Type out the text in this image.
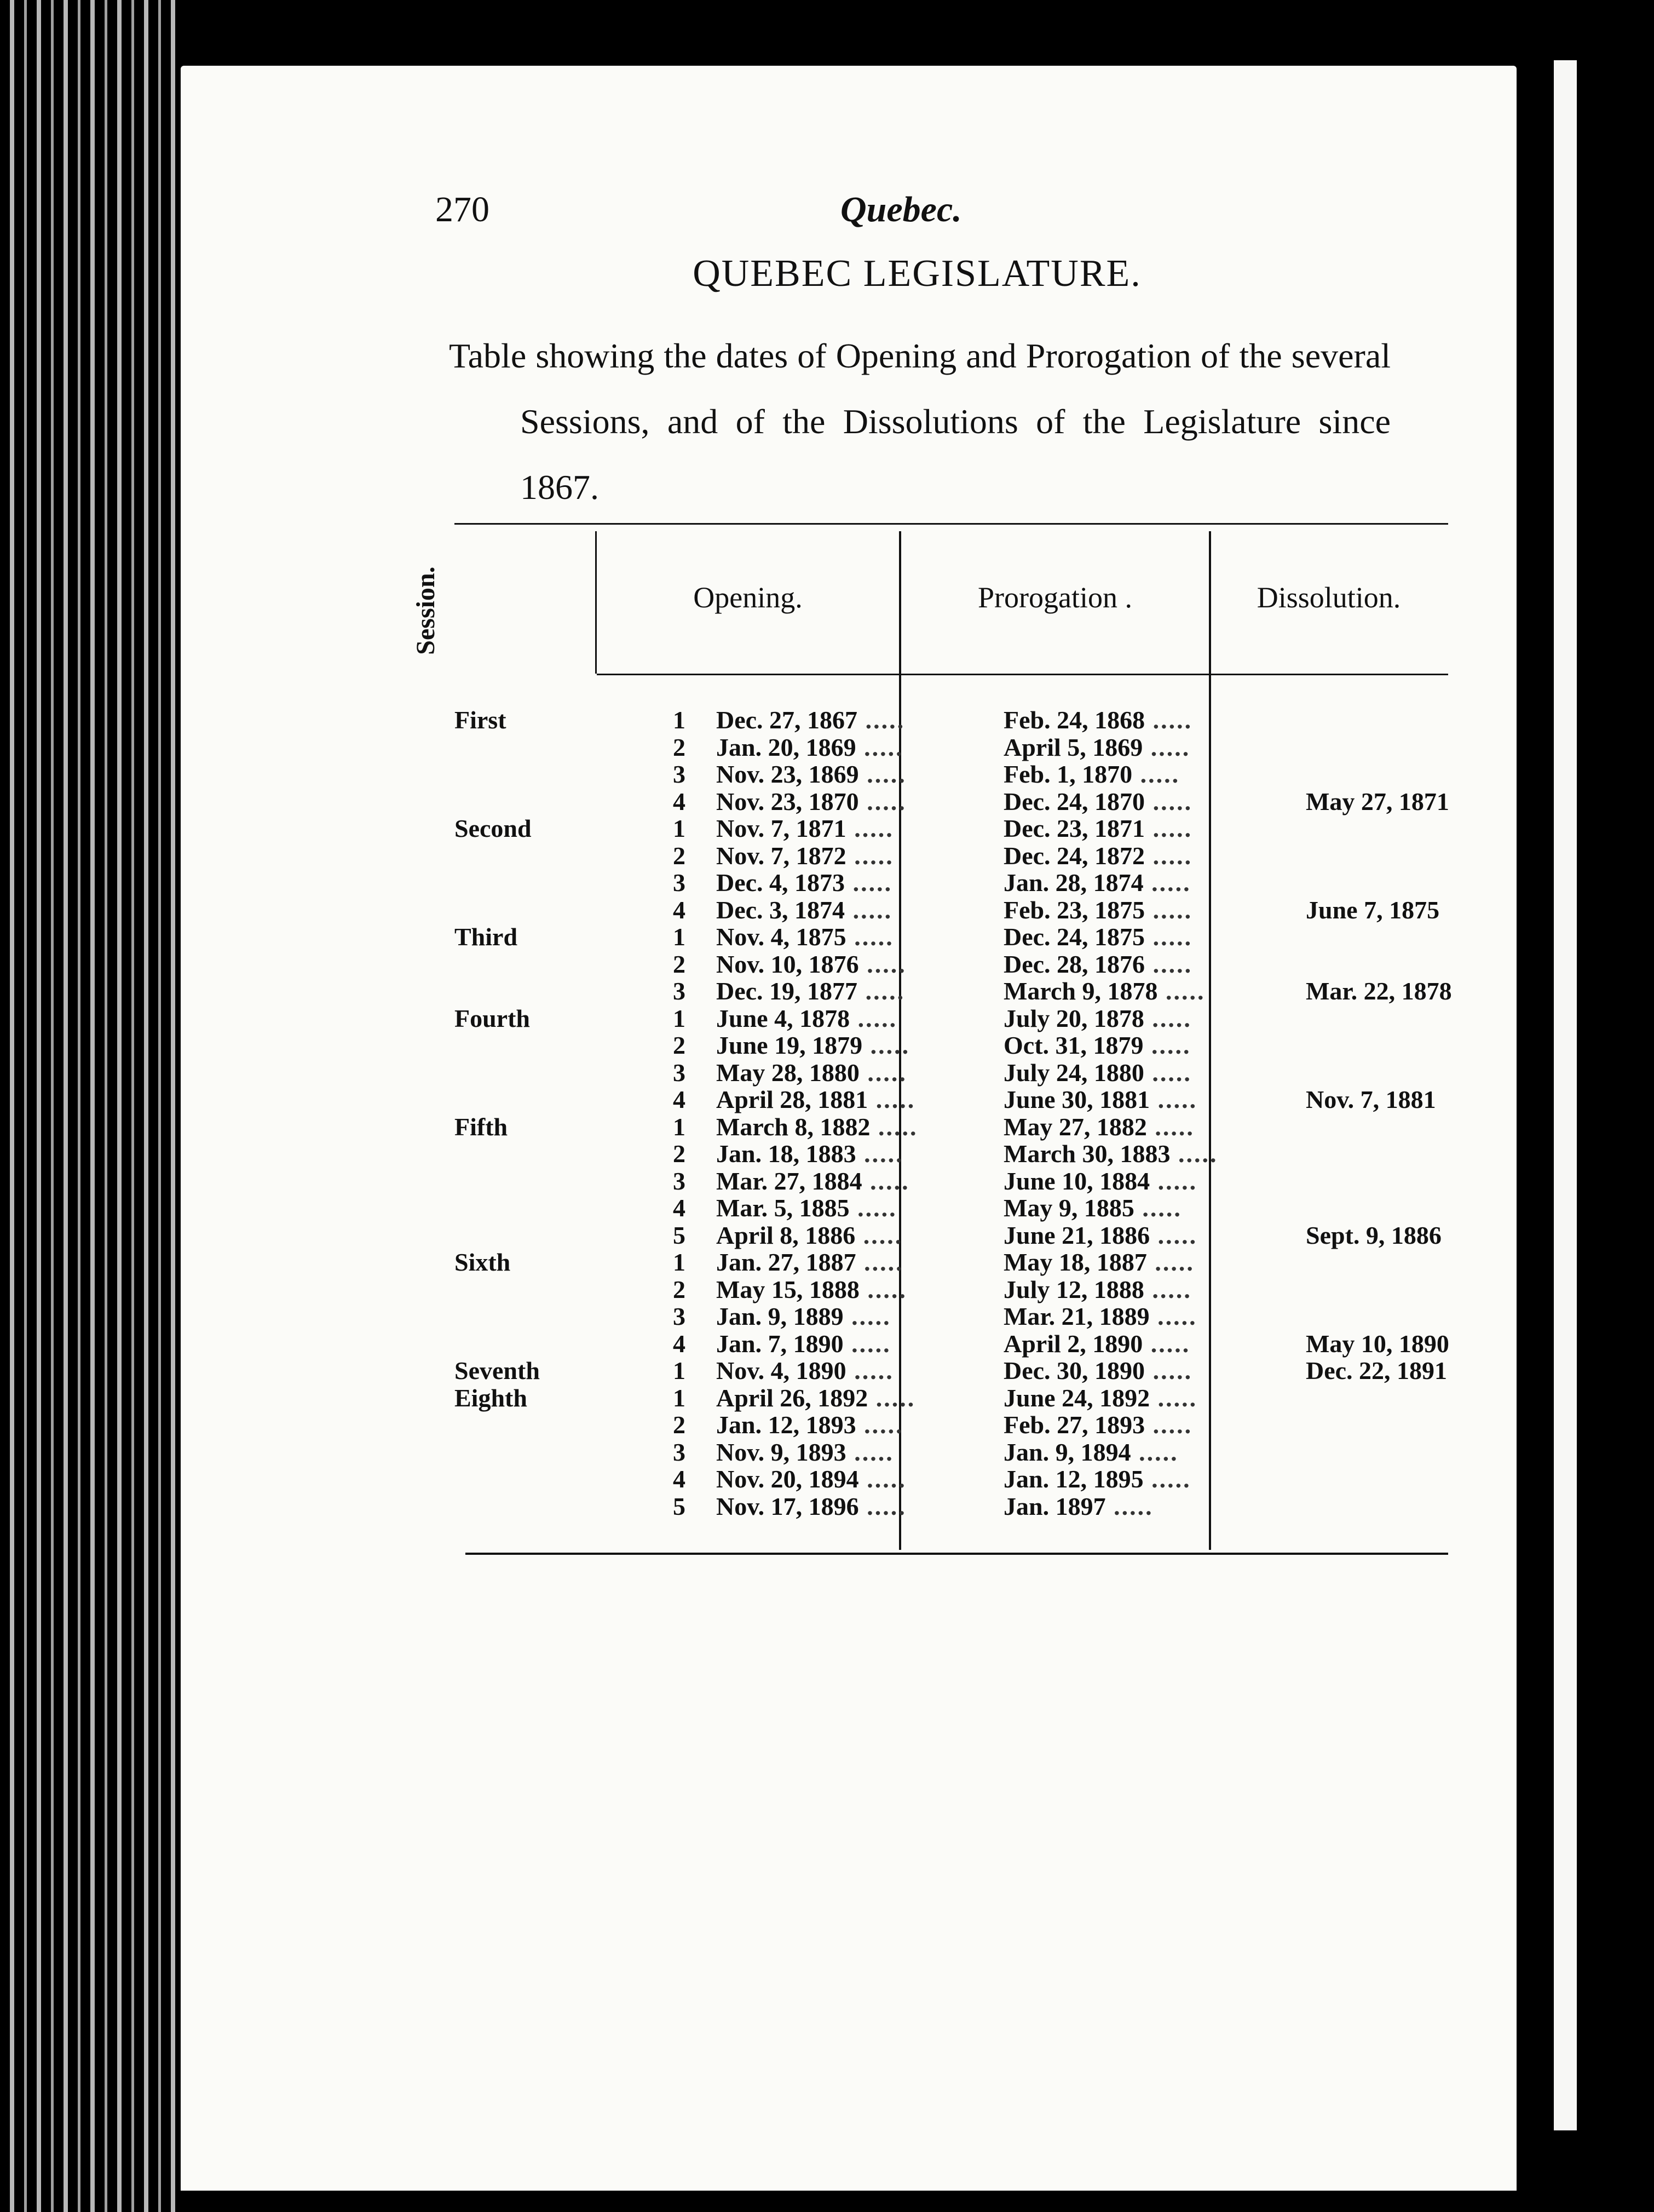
270	Quebec.
QUEBEC LEGISLATURE.
Table showing the dates of Opening and Prorogation of the several Sessions, and of the Dissolutions of the Legislature since 1867.
Session.	Opening.	Prorogation .	Dissolution.
First	1 Dec. 27, 1867 .....	Feb. 24, 1868 .....
2 Jan. 20, 1869 .....	April 5, 1869 .....
3 Nov. 23, 1869 .....	Feb. 1, 1870 .....
4 Nov. 23, 1870 .....	Dec. 24, 1870 .....	May 27, 1871
Second	1 Nov. 7, 1871 .....	Dec. 23, 1871 .....
2 Nov. 7, 1872 .....	Dec. 24, 1872 .....
3 Dec. 4, 1873 .....	Jan. 28, 1874 .....
4 Dec. 3, 1874 .....	Feb. 23, 1875 .....	June 7, 1875
Third	1 Nov. 4, 1875 .....	Dec. 24, 1875 .....
2 Nov. 10, 1876 .....	Dec. 28, 1876 .....
3 Dec. 19, 1877 .....	March 9, 1878 .....	Mar. 22, 1878
Fourth	1 June 4, 1878 .....	July 20, 1878 .....
2 June 19, 1879 .....	Oct. 31, 1879 .....
3 May 28, 1880 .....	July 24, 1880 .....
4 April 28, 1881 .....	June 30, 1881 .....	Nov. 7, 1881
Fifth	1 March 8, 1882 .....	May 27, 1882 .....
2 Jan. 18, 1883 .....	March 30, 1883 .....
3 Mar. 27, 1884 .....	June 10, 1884 .....
4 Mar. 5, 1885 .....	May 9, 1885 .....
5 April 8, 1886 .....	June 21, 1886 .....	Sept. 9, 1886
Sixth	1 Jan. 27, 1887 .....	May 18, 1887 .....
2 May 15, 1888 .....	July 12, 1888 .....
3 Jan. 9, 1889 .....	Mar. 21, 1889 .....
4 Jan. 7, 1890 .....	April 2, 1890 .....	May 10, 1890
Seventh	1 Nov. 4, 1890 .....	Dec. 30, 1890 .....	Dec. 22, 1891
Eighth	1 April 26, 1892 .....	June 24, 1892 .....
2 Jan. 12, 1893 .....	Feb. 27, 1893 .....
3 Nov. 9, 1893 .....	Jan. 9, 1894 .....
4 Nov. 20, 1894 .....	Jan. 12, 1895 .....
5 Nov. 17, 1896 .....	Jan. 1897 .....
